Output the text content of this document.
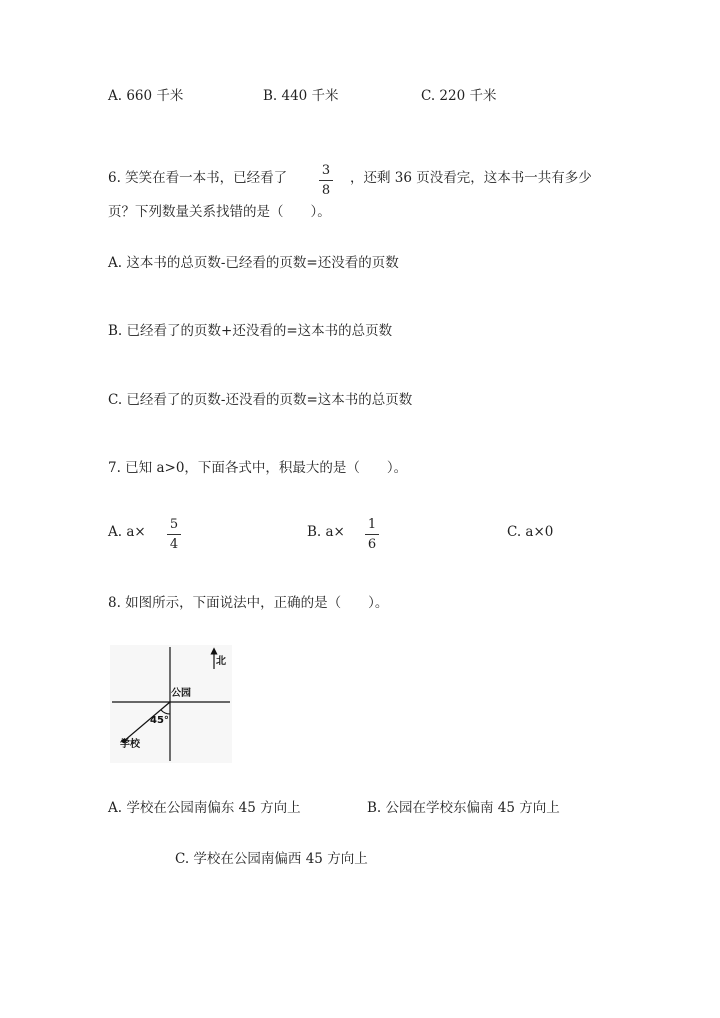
A. 660 千米	B. 440 千米	C. 220 千米
6. 笑笑在看一本书，已经看了	3
8
，还剩 36 页没看完，这本书一共有多少
页？下列数量关系找错的是（　　）。
A. 这本书的总页数-已经看的页数=还没看的页数
B. 已经看了的页数+还没看的=这本书的总页数
C. 已经看了的页数-还没看的页数=这本书的总页数
7. 已知 a>0，下面各式中，积最大的是（　　）。
A. a× 5
4
B. a× 1
6
C. a×0
8. 如图所示，下面说法中，正确的是（　　）。
北
公园
45°
学校
A. 学校在公园南偏东 45 方向上	B. 公园在学校东偏南 45 方向上
C. 学校在公园南偏西 45 方向上
